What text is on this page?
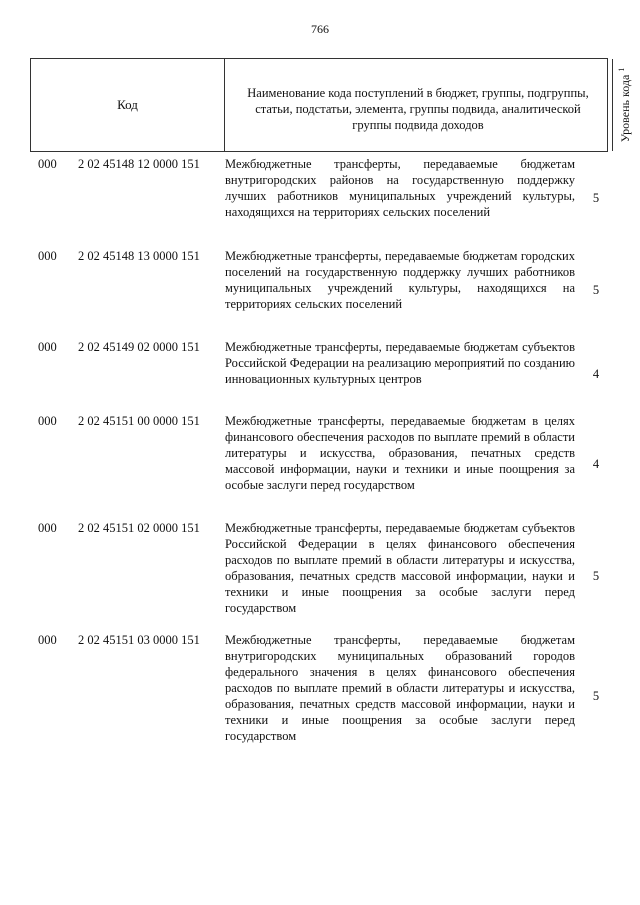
766
Код
Наименование кода поступлений в бюджет, группы, подгруппы, статьи, подстатьи, элемента, группы подвида, аналитической группы подвида доходов	Уровень кода $^1$
000 2 02 45148 12 0000 151 Межбюджетные трансферты, передаваемые бюджетам внутригородских районов на государственную поддержку лучших работников муниципальных учреждений культуры, находящихся на территориях сельских поселений
5
000 2 02 45148 13 0000 151 Межбюджетные трансферты, передаваемые бюджетам городских поселений на государственную поддержку лучших работников муниципальных учреждений культуры, находящихся на территориях сельских поселений
5
000 2 02 45149 02 0000 151 Межбюджетные трансферты, передаваемые бюджетам субъектов Российской Федерации на реализацию мероприятий по созданию инновационных культурных центров	4
000 2 02 45151 00 0000 151 Межбюджетные трансферты, передаваемые бюджетам в целях финансового обеспечения расходов по выплате премий в области литературы и искусства, образования, печатных средств массовой информации, науки и техники и иные поощрения за особые заслуги перед государством
4
000 2 02 45151 02 0000 151 Межбюджетные трансферты, передаваемые бюджетам субъектов Российской Федерации в целях финансового обеспечения расходов по выплате премий в области литературы и искусства, образования, печатных средств массовой информации, науки и техники и иные поощрения за особые заслуги перед государством
5
000 2 02 45151 03 0000 151 Межбюджетные трансферты, передаваемые бюджетам внутригородских муниципальных образований городов федерального значения в целях финансового обеспечения расходов по выплате премий в области литературы и искусства, образования, печатных средств массовой информации, науки и техники и иные поощрения за особые заслуги перед государством
5
